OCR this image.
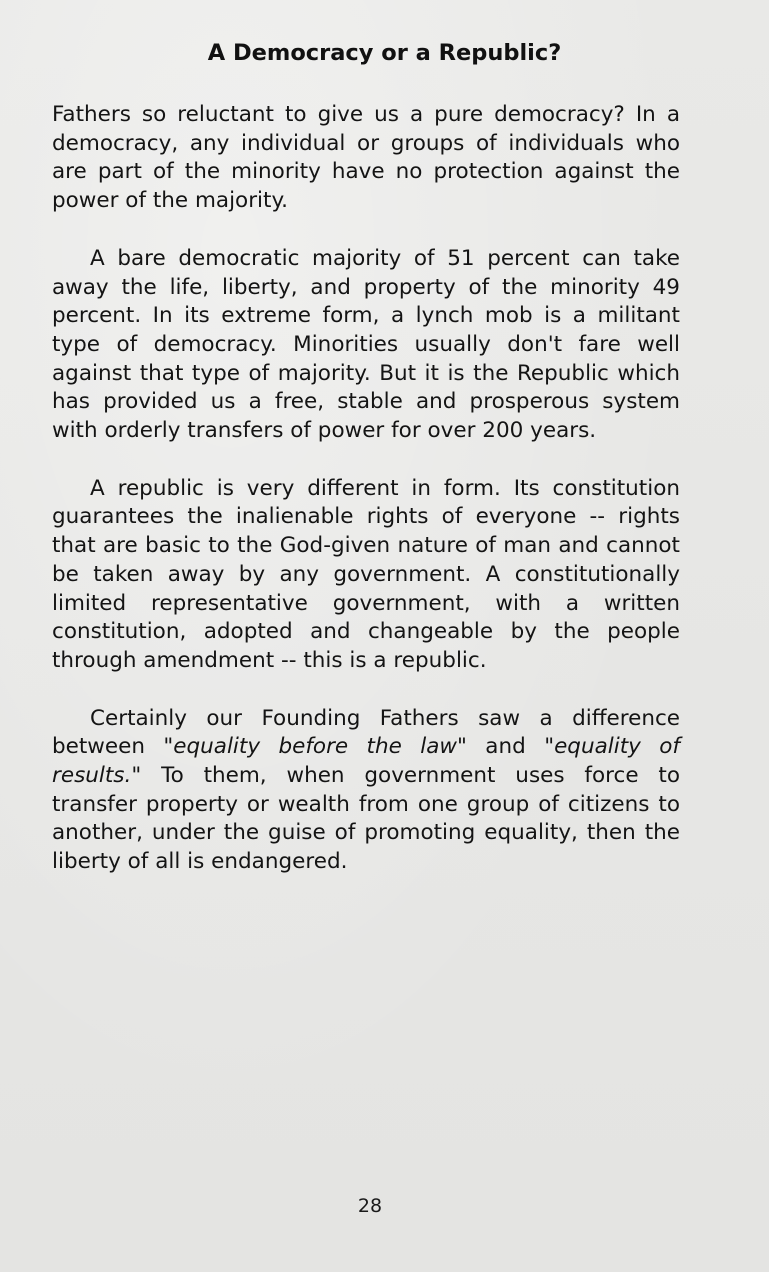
A Democracy or a Republic?

Fathers so reluctant to give us a pure democracy? In a democracy, any individual or groups of individuals who are part of the minority have no protection against the power of the majority.

A bare democratic majority of 51 percent can take away the life, liberty, and property of the minority 49 percent. In its extreme form, a lynch mob is a militant type of democracy. Minorities usually don't fare well against that type of majority. But it is the Republic which has provided us a free, stable and prosperous system with orderly transfers of power for over 200 years.

A republic is very different in form. Its constitution guarantees the inalienable rights of everyone -- rights that are basic to the God-given nature of man and cannot be taken away by any government. A constitutionally limited representative government, with a written constitution, adopted and changeable by the people through amendment -- this is a republic.

Certainly our Founding Fathers saw a difference between "equality before the law" and "equality of results." To them, when government uses force to transfer property or wealth from one group of citizens to another, under the guise of promoting equality, then the liberty of all is endangered.

28
